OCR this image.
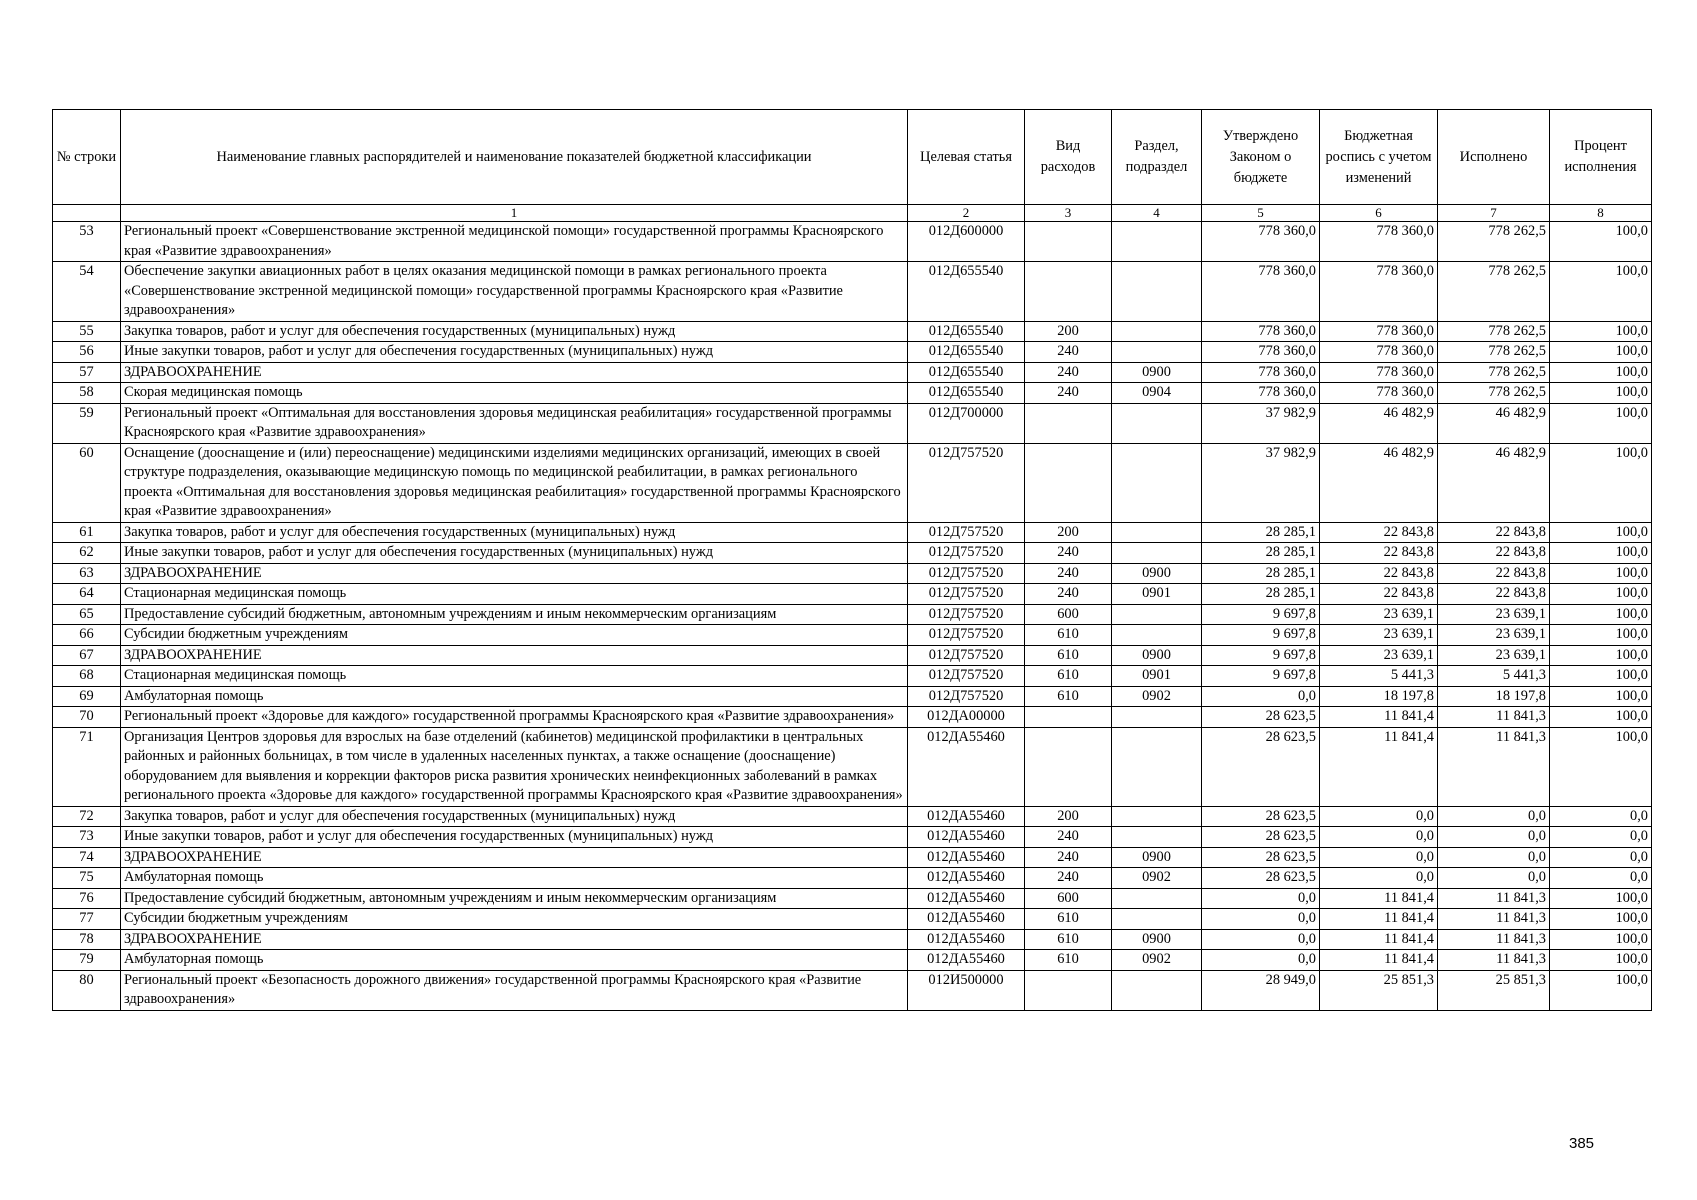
№ строки	Наименование главных распорядителей и наименование показателей бюджетной классификации	Целевая статья	Вид расходов	Раздел, подраздел	Утверждено Законом о бюджете	Бюджетная роспись с учетом изменений	Исполнено	Процент исполнения
	1	2	3	4	5	6	7	8
53	Региональный проект «Совершенствование экстренной медицинской помощи» государственной программы Красноярского края «Развитие здравоохранения»	012Д600000			778 360,0	778 360,0	778 262,5	100,0
54	Обеспечение закупки авиационных работ в целях оказания медицинской помощи в рамках регионального проекта «Совершенствование экстренной медицинской помощи» государственной программы Красноярского края «Развитие здравоохранения»	012Д655540			778 360,0	778 360,0	778 262,5	100,0
55	Закупка товаров, работ и услуг для обеспечения государственных (муниципальных) нужд	012Д655540	200		778 360,0	778 360,0	778 262,5	100,0
56	Иные закупки товаров, работ и услуг для обеспечения государственных (муниципальных) нужд	012Д655540	240		778 360,0	778 360,0	778 262,5	100,0
57	ЗДРАВООХРАНЕНИЕ	012Д655540	240	0900	778 360,0	778 360,0	778 262,5	100,0
58	Скорая медицинская помощь	012Д655540	240	0904	778 360,0	778 360,0	778 262,5	100,0
59	Региональный проект «Оптимальная для восстановления здоровья медицинская реабилитация» государственной программы Красноярского края «Развитие здравоохранения»	012Д700000			37 982,9	46 482,9	46 482,9	100,0
60	Оснащение (дооснащение и (или) переоснащение) медицинскими изделиями медицинских организаций, имеющих в своей структуре подразделения, оказывающие медицинскую помощь по медицинской реабилитации, в рамках регионального проекта «Оптимальная для восстановления здоровья медицинская реабилитация» государственной программы Красноярского края «Развитие здравоохранения»	012Д757520			37 982,9	46 482,9	46 482,9	100,0
61	Закупка товаров, работ и услуг для обеспечения государственных (муниципальных) нужд	012Д757520	200		28 285,1	22 843,8	22 843,8	100,0
62	Иные закупки товаров, работ и услуг для обеспечения государственных (муниципальных) нужд	012Д757520	240		28 285,1	22 843,8	22 843,8	100,0
63	ЗДРАВООХРАНЕНИЕ	012Д757520	240	0900	28 285,1	22 843,8	22 843,8	100,0
64	Стационарная медицинская помощь	012Д757520	240	0901	28 285,1	22 843,8	22 843,8	100,0
65	Предоставление субсидий бюджетным, автономным учреждениям и иным некоммерческим организациям	012Д757520	600		9 697,8	23 639,1	23 639,1	100,0
66	Субсидии бюджетным учреждениям	012Д757520	610		9 697,8	23 639,1	23 639,1	100,0
67	ЗДРАВООХРАНЕНИЕ	012Д757520	610	0900	9 697,8	23 639,1	23 639,1	100,0
68	Стационарная медицинская помощь	012Д757520	610	0901	9 697,8	5 441,3	5 441,3	100,0
69	Амбулаторная помощь	012Д757520	610	0902	0,0	18 197,8	18 197,8	100,0
70	Региональный проект «Здоровье для каждого» государственной программы Красноярского края «Развитие здравоохранения»	012ДА00000			28 623,5	11 841,4	11 841,3	100,0
71	Организация Центров здоровья для взрослых на базе отделений (кабинетов) медицинской профилактики в центральных районных и районных больницах, в том числе в удаленных населенных пунктах, а также оснащение (дооснащение) оборудованием для выявления и коррекции факторов риска развития хронических неинфекционных заболеваний в рамках регионального проекта «Здоровье для каждого» государственной программы Красноярского края «Развитие здравоохранения»	012ДА55460			28 623,5	11 841,4	11 841,3	100,0
72	Закупка товаров, работ и услуг для обеспечения государственных (муниципальных) нужд	012ДА55460	200		28 623,5	0,0	0,0	0,0
73	Иные закупки товаров, работ и услуг для обеспечения государственных (муниципальных) нужд	012ДА55460	240		28 623,5	0,0	0,0	0,0
74	ЗДРАВООХРАНЕНИЕ	012ДА55460	240	0900	28 623,5	0,0	0,0	0,0
75	Амбулаторная помощь	012ДА55460	240	0902	28 623,5	0,0	0,0	0,0
76	Предоставление субсидий бюджетным, автономным учреждениям и иным некоммерческим организациям	012ДА55460	600		0,0	11 841,4	11 841,3	100,0
77	Субсидии бюджетным учреждениям	012ДА55460	610		0,0	11 841,4	11 841,3	100,0
78	ЗДРАВООХРАНЕНИЕ	012ДА55460	610	0900	0,0	11 841,4	11 841,3	100,0
79	Амбулаторная помощь	012ДА55460	610	0902	0,0	11 841,4	11 841,3	100,0
80	Региональный проект «Безопасность дорожного движения» государственной программы Красноярского края «Развитие здравоохранения»	012И500000			28 949,0	25 851,3	25 851,3	100,0
385
